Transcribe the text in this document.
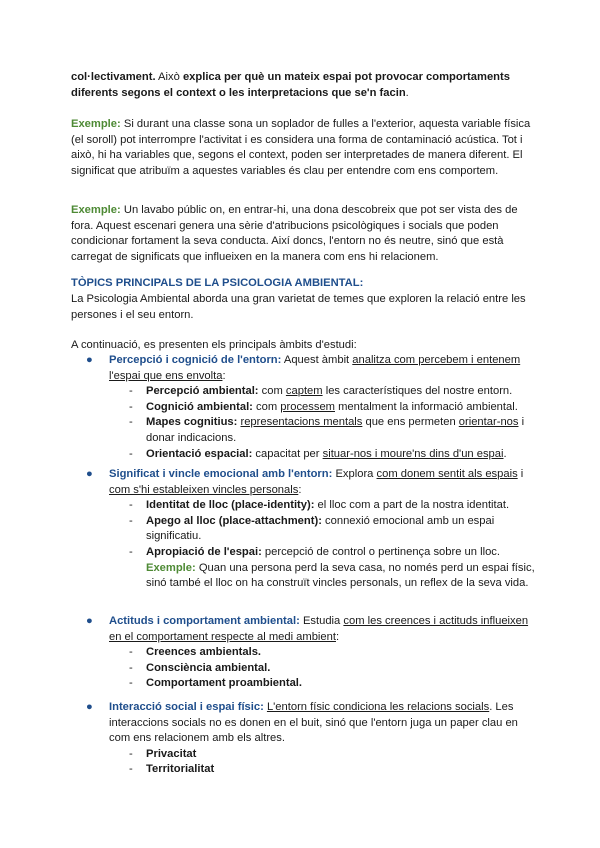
col·lectivament. Això explica per què un mateix espai pot provocar comportaments diferents segons el context o les interpretacions que se'n facin.

Exemple: Si durant una classe sona un soplador de fulles a l'exterior, aquesta variable física (el soroll) pot interrompre l'activitat i es considera una forma de contaminació acústica. Tot i això, hi ha variables que, segons el context, poden ser interpretades de manera diferent. El significat que atribuïm a aquestes variables és clau per entendre com ens comportem.

Exemple: Un lavabo públic on, en entrar-hi, una dona descobreix que pot ser vista des de fora. Aquest escenari genera una sèrie d'atribucions psicològiques i socials que poden condicionar fortament la seva conducta. Així doncs, l'entorn no és neutre, sinó que està carregat de significats que influeixen en la manera com ens hi relacionem.

TÒPICS PRINCIPALS DE LA PSICOLOGIA AMBIENTAL:

La Psicologia Ambiental aborda una gran varietat de temes que exploren la relació entre les persones i el seu entorn.

A continuació, es presenten els principals àmbits d'estudi:

● Percepció i cognició de l'entorn: Aquest àmbit analitza com percebem i entenem l'espai que ens envolta:
- Percepció ambiental: com captem les característiques del nostre entorn.
- Cognició ambiental: com processem mentalment la informació ambiental.
- Mapes cognitius: representacions mentals que ens permeten orientar-nos i donar indicacions.
- Orientació espacial: capacitat per situar-nos i moure'ns dins d'un espai.
● Significat i vincle emocional amb l'entorn: Explora com donem sentit als espais i com s'hi estableixen vincles personals:
- Identitat de lloc (place-identity): el lloc com a part de la nostra identitat.
- Apego al lloc (place-attachment): connexió emocional amb un espai significatiu.
- Apropiació de l'espai: percepció de control o pertinença sobre un lloc.
Exemple: Quan una persona perd la seva casa, no només perd un espai físic, sinó també el lloc on ha construït vincles personals, un reflex de la seva vida.
● Actituds i comportament ambiental: Estudia com les creences i actituds influeixen en el comportament respecte al medi ambient:
- Creences ambientals.
- Consciència ambiental.
- Comportament proambiental.
● Interacció social i espai físic: L'entorn físic condiciona les relacions socials. Les interaccions socials no es donen en el buit, sinó que l'entorn juga un paper clau en com ens relacionem amb els altres.
- Privacitat
- Territorialitat
